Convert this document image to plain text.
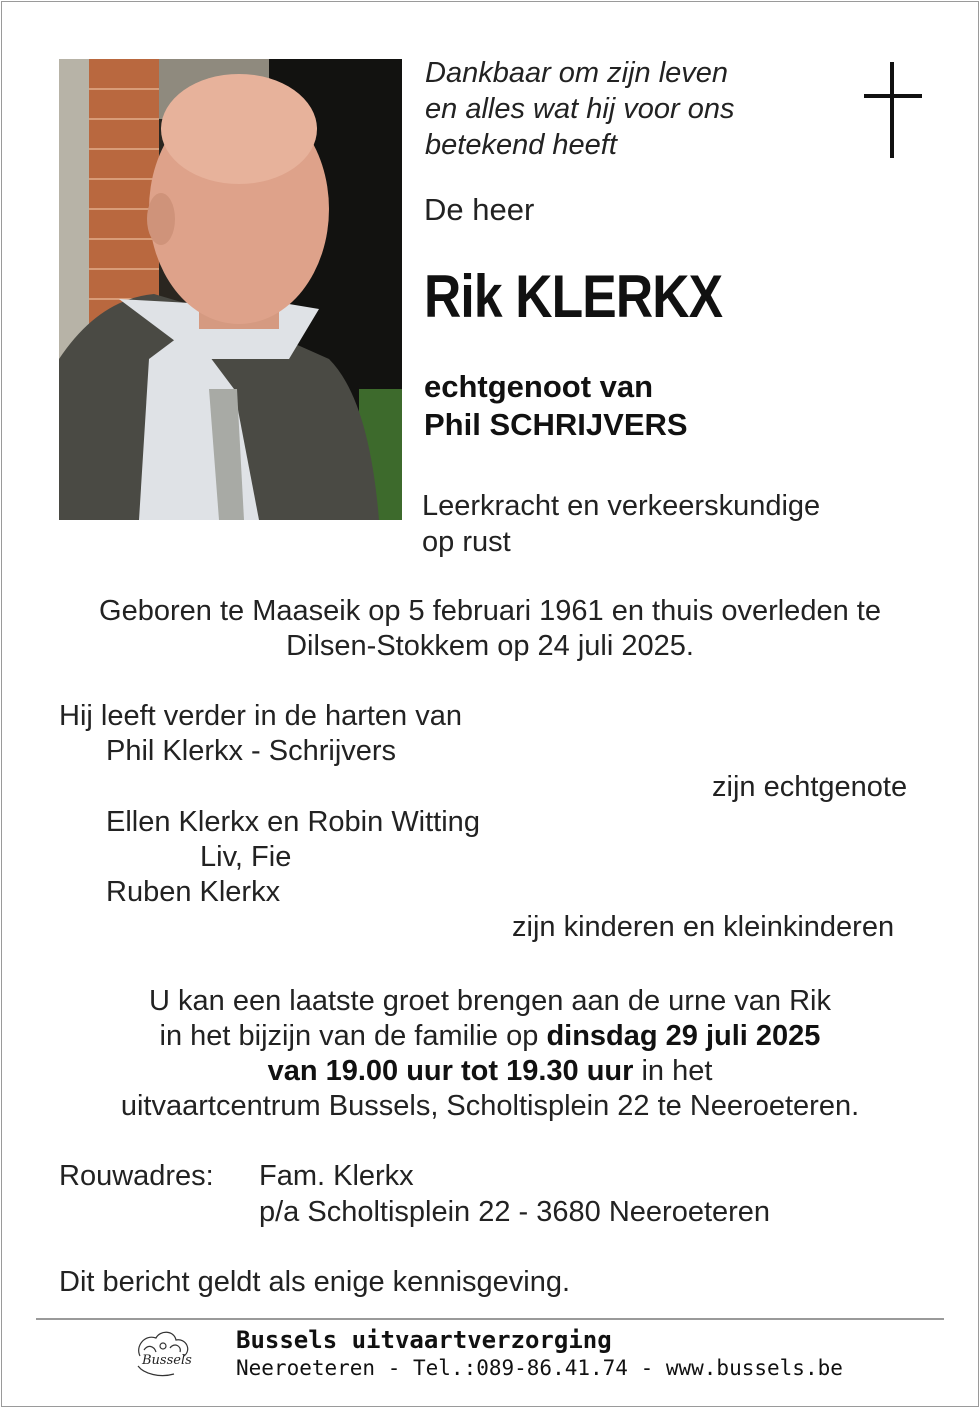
Dankbaar om zijn leven
en alles wat hij voor ons
betekend heeft
De heer
Rik KLERKX
echtgenoot van
Phil SCHRIJVERS
Leerkracht en verkeerskundige
op rust
Geboren te Maaseik op 5 februari 1961 en thuis overleden te
Dilsen-Stokkem op 24 juli 2025.
Hij leeft verder in de harten van
Phil Klerkx - Schrijvers
zijn echtgenote
Ellen Klerkx en Robin Witting
Liv, Fie
Ruben Klerkx
zijn kinderen en kleinkinderen
U kan een laatste groet brengen aan de urne van Rik
in het bijzijn van de familie op dinsdag 29 juli 2025
van 19.00 uur tot 19.30 uur in het
uitvaartcentrum Bussels, Scholtisplein 22 te Neeroeteren.
Rouwadres: Fam. Klerkx
p/a Scholtisplein 22 - 3680 Neeroeteren
Dit bericht geldt als enige kennisgeving.
Bussels
Bussels uitvaartverzorging
Neeroeteren - Tel.:089-86.41.74 - www.bussels.be
